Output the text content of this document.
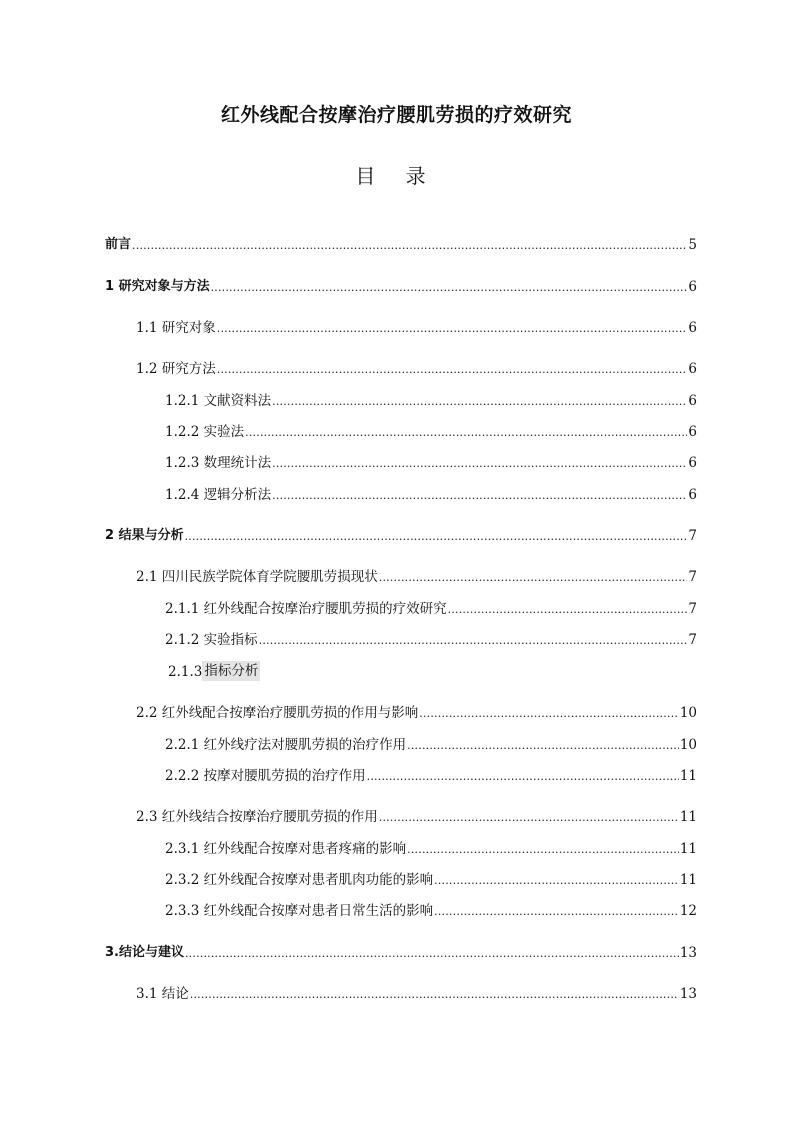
红外线配合按摩治疗腰肌劳损的疗效研究
目 录
前言 .....	5
1 研究对象与方法 .....	6
1.1 研究对象 .....	6
1.2 研究方法 .....	6
1.2.1 文献资料法 .....	6
1.2.2 实验法 .....	6
1.2.3 数理统计法 .....	6
1.2.4 逻辑分析法 .....	6
2 结果与分析 .....	7
2.1 四川民族学院体育学院腰肌劳损现状 .....	7
2.1.1 红外线配合按摩治疗腰肌劳损的疗效研究 .....	7
2.1.2 实验指标 .....	7
2.1.3 指标分析
2.2 红外线配合按摩治疗腰肌劳损的作用与影响 .....	10
2.2.1 红外线疗法对腰肌劳损的治疗作用 .....	10
2.2.2 按摩对腰肌劳损的治疗作用 .....	11
2.3 红外线结合按摩治疗腰肌劳损的作用 .....	11
2.3.1 红外线配合按摩对患者疼痛的影响 .....	11
2.3.2 红外线配合按摩对患者肌肉功能的影响 .....	11
2.3.3 红外线配合按摩对患者日常生活的影响 .....	12
3.结论与建议 .....	13
3.1 结论 .....	13
